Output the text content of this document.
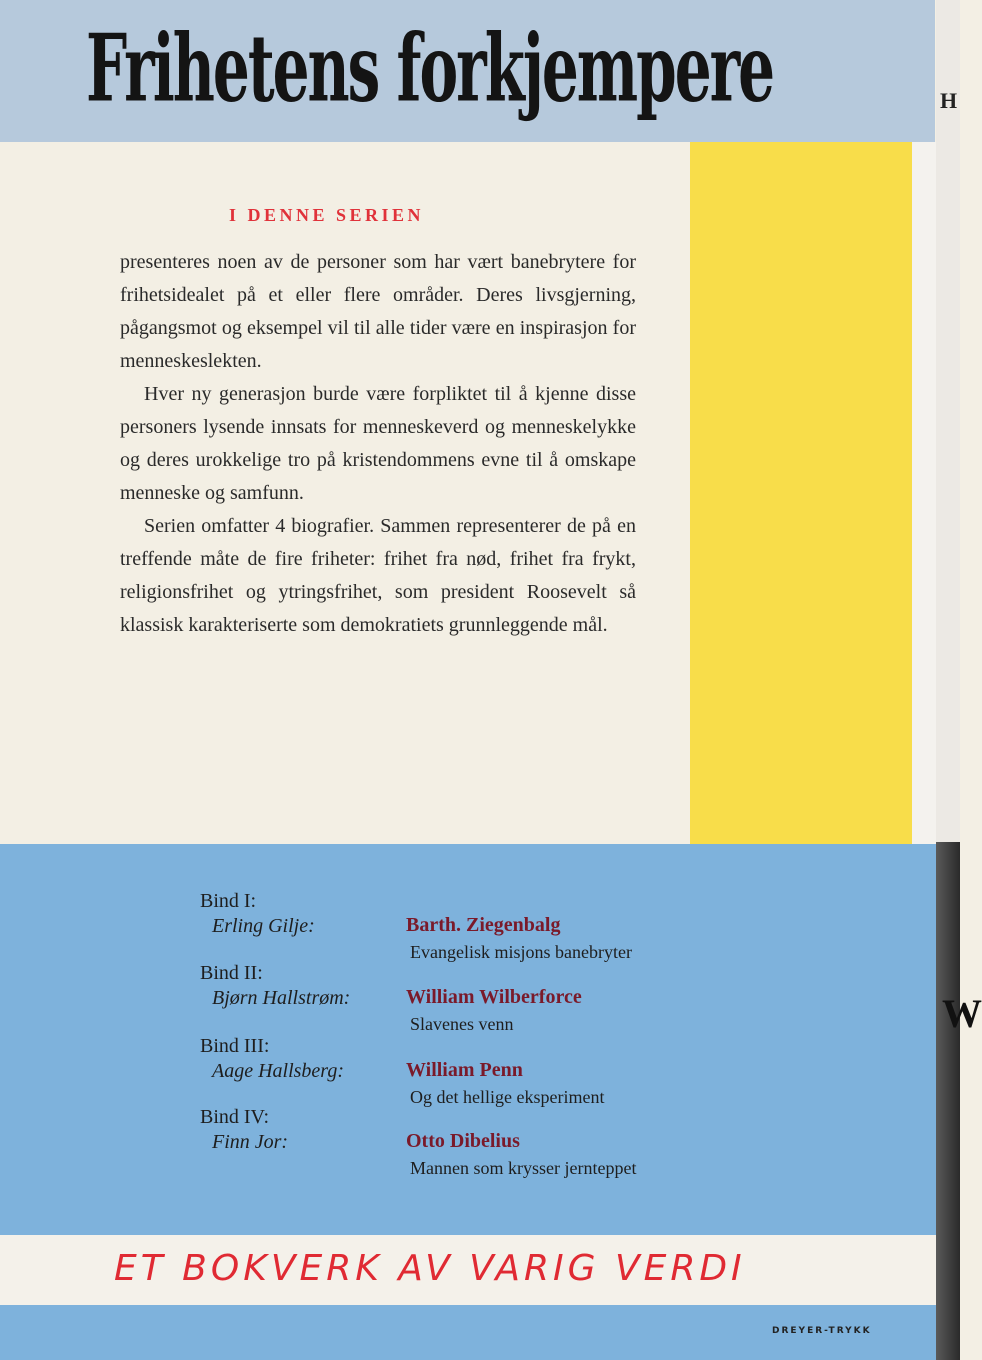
Frihetens forkjempere	H
W
I DENNE SERIEN

presenteres noen av de personer som har vært banebrytere for frihetsidealet på et eller flere områder. Deres livsgjerning, pågangsmot og eksempel vil til alle tider være en inspirasjon for menneskeslekten.

Hver ny generasjon burde være forpliktet til å kjenne disse personers lysende innsats for menneskeverd og menneskelykke og deres urokkelige tro på kristendommens evne til å omskape menneske og samfunn.

Serien omfatter 4 biografier. Sammen representerer de på en treffende måte de fire friheter: frihet fra nød, frihet fra frykt, religionsfrihet og ytringsfrihet, som president Roosevelt så klassisk karakteriserte som demokratiets grunnleggende mål.

Bind I:
Erling Gilje:	Barth. Ziegenbalg
Evangelisk misjons banebryter
Bind II:
Bjørn Hallstrøm:	William Wilberforce
Slavenes venn
Bind III:
Aage Hallsberg:	William Penn
Og det hellige eksperiment
Bind IV:
Finn Jor:	Otto Dibelius
Mannen som krysser jernteppet
ET BOKVERK AV VARIG VERDI
DREYER-TRYKK
